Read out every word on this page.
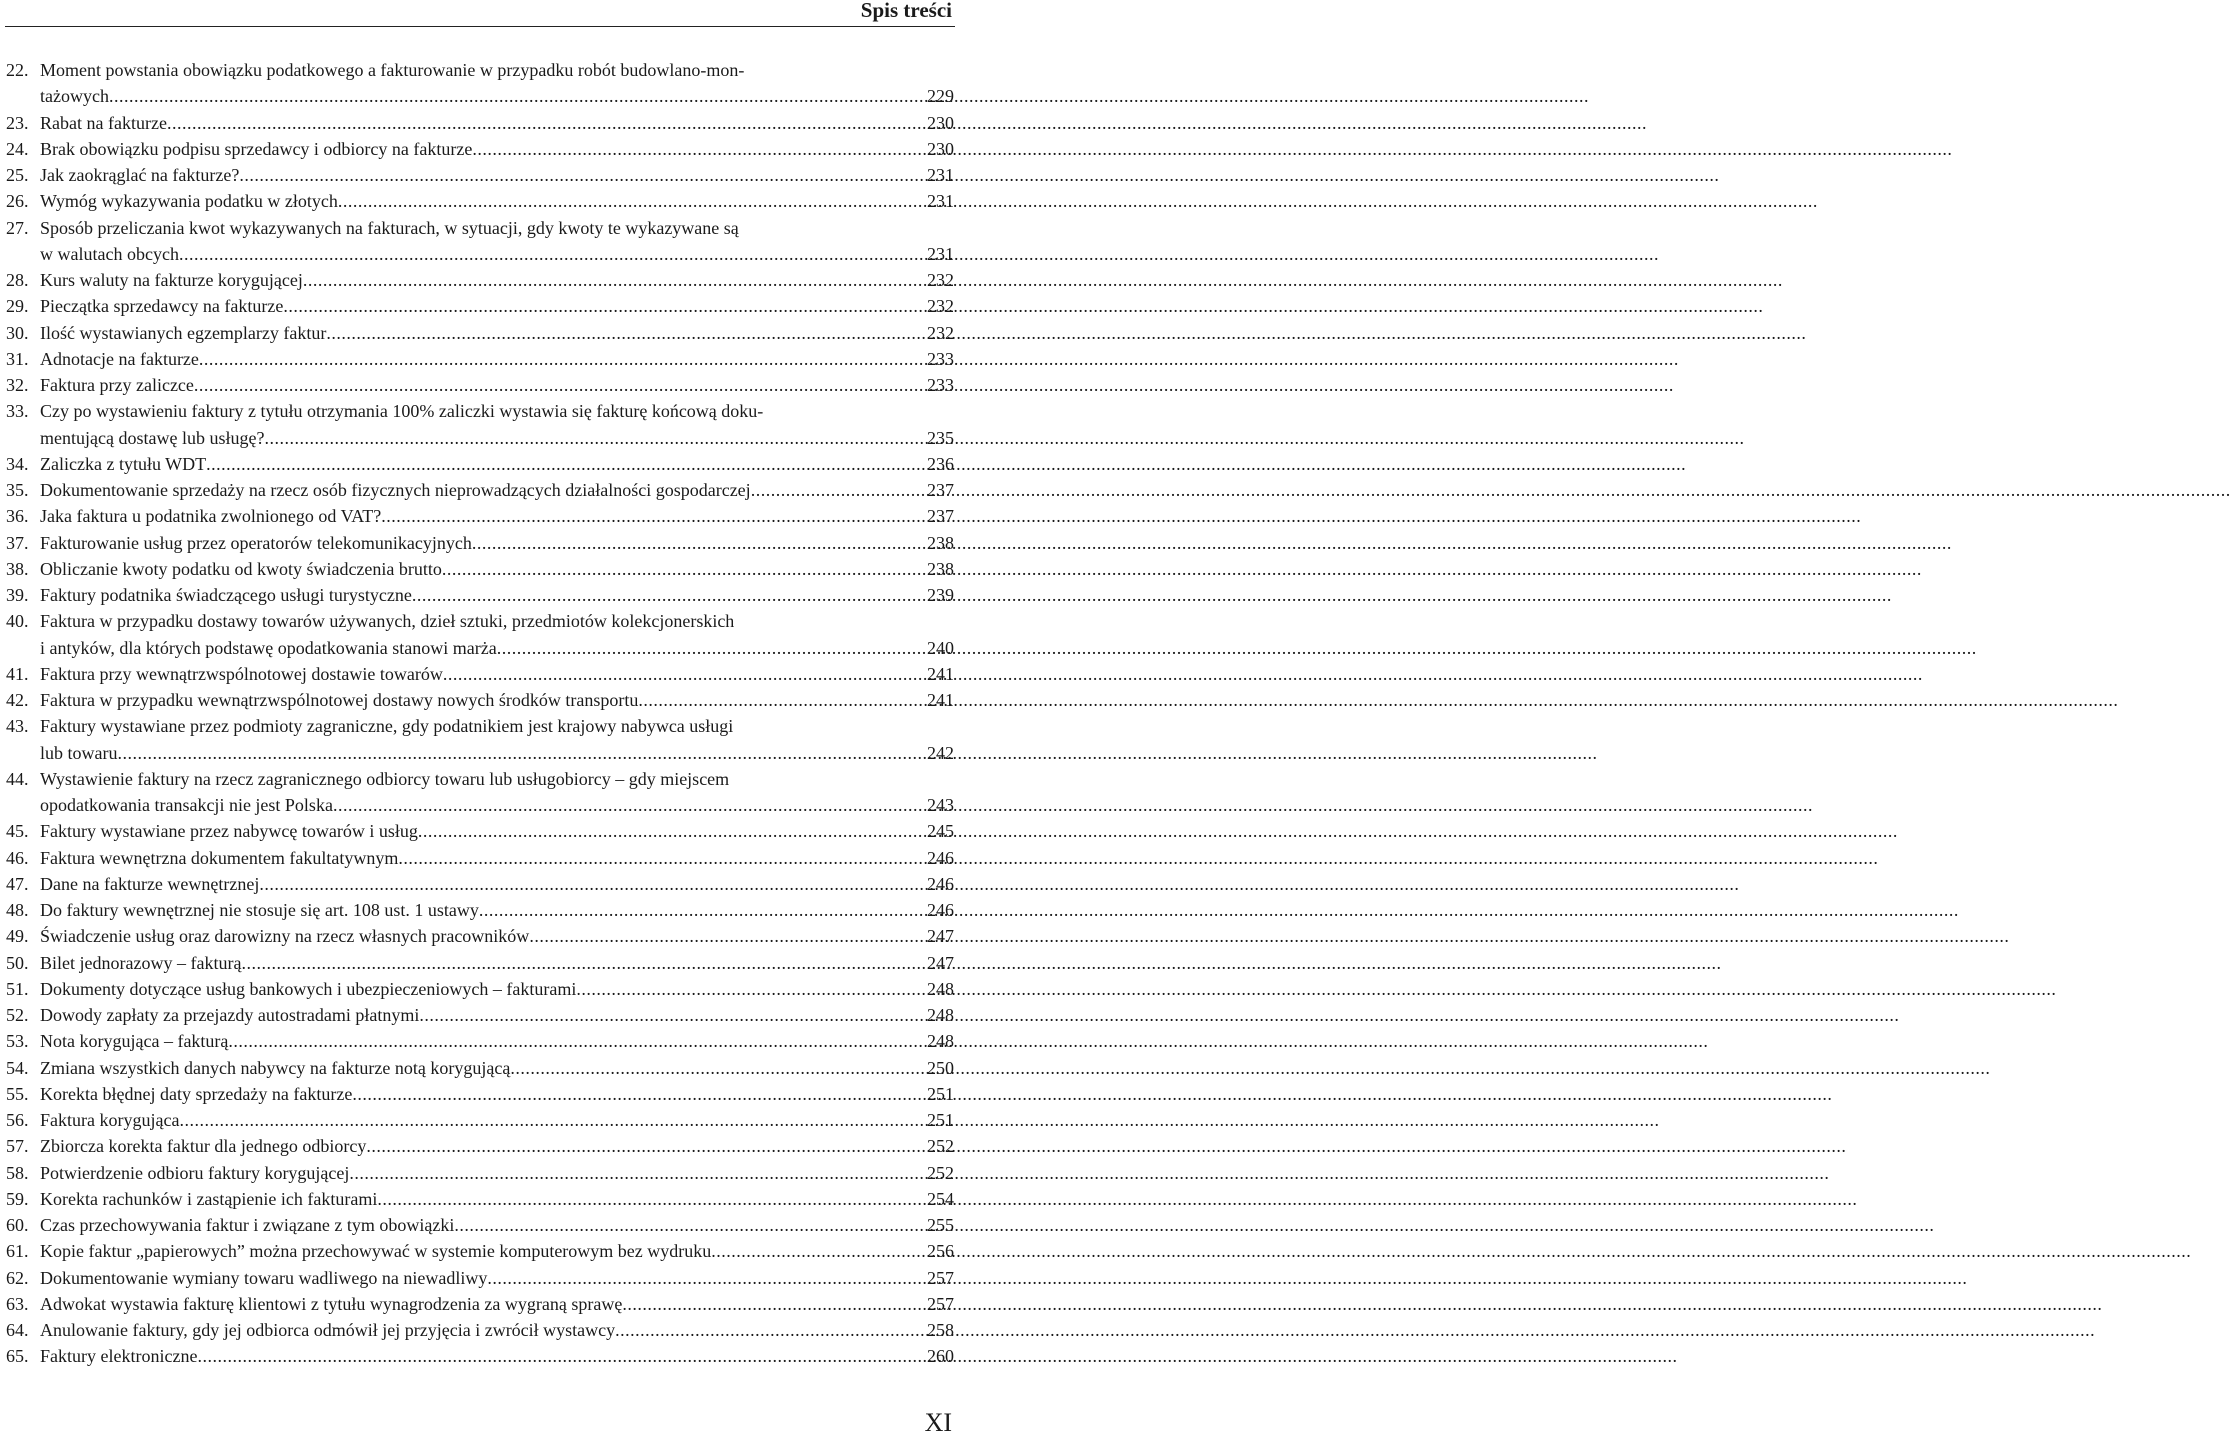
Spis treści
22. Moment powstania obowiązku podatkowego a fakturowanie w przypadku robót budowlano-mon-
tażowych .....	229
23. Rabat na fakturze .....	230
24. Brak obowiązku podpisu sprzedawcy i odbiorcy na fakturze .....	230
25. Jak zaokrąglać na fakturze? .....	231
26. Wymóg wykazywania podatku w złotych .....	231
27. Sposób przeliczania kwot wykazywanych na fakturach, w sytuacji, gdy kwoty te wykazywane są
w walutach obcych .....	231
28. Kurs waluty na fakturze korygującej .....	232
29. Pieczątka sprzedawcy na fakturze .....	232
30. Ilość wystawianych egzemplarzy faktur .....	232
31. Adnotacje na fakturze .....	233
32. Faktura przy zaliczce .....	233
33. Czy po wystawieniu faktury z tytułu otrzymania 100% zaliczki wystawia się fakturę końcową doku-
mentującą dostawę lub usługę? .....	235
34. Zaliczka z tytułu WDT .....	236
35. Dokumentowanie sprzedaży na rzecz osób fizycznych nieprowadzących działalności gospodarczej .....	237
36. Jaka faktura u podatnika zwolnionego od VAT? .....	237
37. Fakturowanie usług przez operatorów telekomunikacyjnych .....	238
38. Obliczanie kwoty podatku od kwoty świadczenia brutto .....	238
39. Faktury podatnika świadczącego usługi turystyczne .....	239
40. Faktura w przypadku dostawy towarów używanych, dzieł sztuki, przedmiotów kolekcjonerskich
i antyków, dla których podstawę opodatkowania stanowi marża .....	240
41. Faktura przy wewnątrzwspólnotowej dostawie towarów .....	241
42. Faktura w przypadku wewnątrzwspólnotowej dostawy nowych środków transportu .....	241
43. Faktury wystawiane przez podmioty zagraniczne, gdy podatnikiem jest krajowy nabywca usługi
lub towaru .....	242
44. Wystawienie faktury na rzecz zagranicznego odbiorcy towaru lub usługobiorcy – gdy miejscem
opodatkowania transakcji nie jest Polska .....	243
45. Faktury wystawiane przez nabywcę towarów i usług .....	245
46. Faktura wewnętrzna dokumentem fakultatywnym .....	246
47. Dane na fakturze wewnętrznej .....	246
48. Do faktury wewnętrznej nie stosuje się art. 108 ust. 1 ustawy .....	246
49. Świadczenie usług oraz darowizny na rzecz własnych pracowników .....	247
50. Bilet jednorazowy – fakturą .....	247
51. Dokumenty dotyczące usług bankowych i ubezpieczeniowych – fakturami .....	248
52. Dowody zapłaty za przejazdy autostradami płatnymi .....	248
53. Nota korygująca – fakturą .....	248
54. Zmiana wszystkich danych nabywcy na fakturze notą korygującą .....	250
55. Korekta błędnej daty sprzedaży na fakturze .....	251
56. Faktura korygująca .....	251
57. Zbiorcza korekta faktur dla jednego odbiorcy .....	252
58. Potwierdzenie odbioru faktury korygującej .....	252
59. Korekta rachunków i zastąpienie ich fakturami .....	254
60. Czas przechowywania faktur i związane z tym obowiązki .....	255
61. Kopie faktur „papierowych” można przechowywać w systemie komputerowym bez wydruku .....	256
62. Dokumentowanie wymiany towaru wadliwego na niewadliwy .....	257
63. Adwokat wystawia fakturę klientowi z tytułu wynagrodzenia za wygraną sprawę .....	257
64. Anulowanie faktury, gdy jej odbiorca odmówił jej przyjęcia i zwrócił wystawcy .....	258
65. Faktury elektroniczne .....	260
XI
